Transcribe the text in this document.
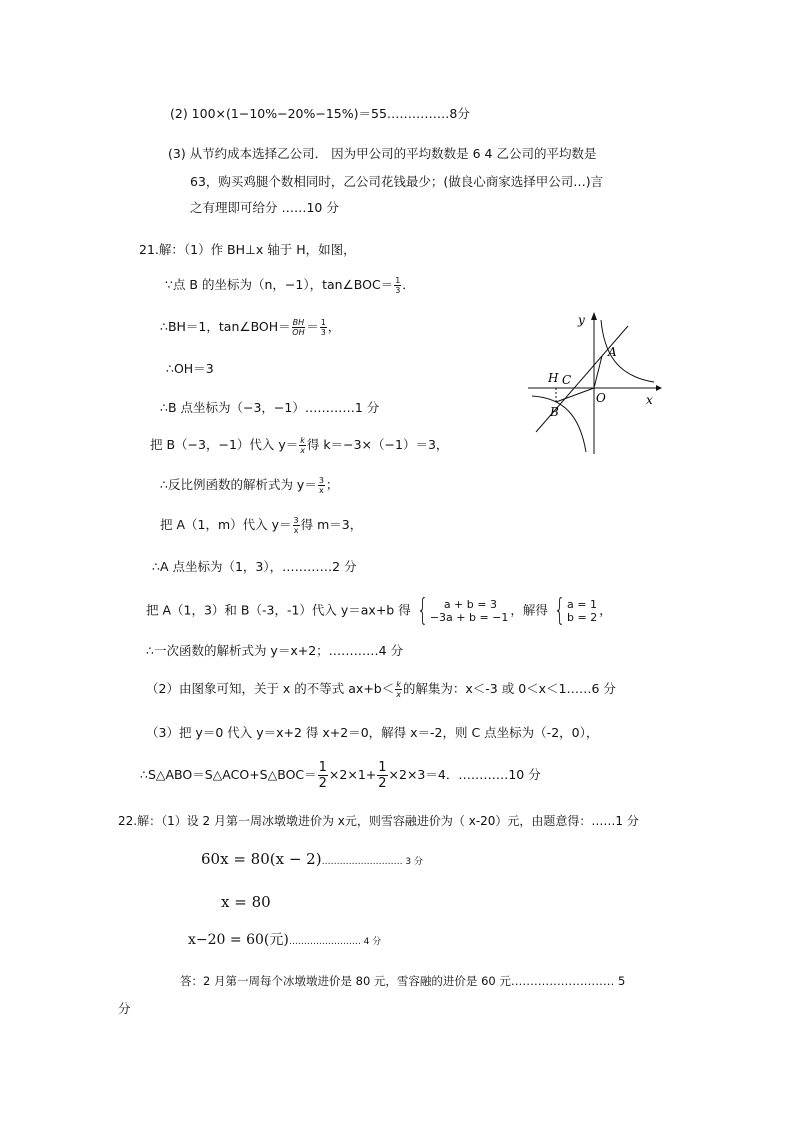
(2) 100×(1−10%−20%−15%)＝55……………8分
(3) 从节约成本选择乙公司． 因为甲公司的平均数数是 6 4 乙公司的平均数是
63，购买鸡腿个数相同时，乙公司花钱最少；(做良心商家选择甲公司…)言
之有理即可给分 ……10 分
21.解：（1）作 BH⊥x 轴于 H，如图，
∵点 B 的坐标为（n，−1），tan∠BOC＝ $\frac{1}{3}$ ．
∴BH＝1，tan∠BOH＝ $\frac{BH}{OH} = \frac{1}{3}$ ，
∴OH＝3
∴B 点坐标为（−3，−1）…………1 分
把 B（−3，−1）代入 $y= \frac{k}{x}$ 得 k＝−3×（−1）＝3，
∴反比例函数的解析式为 $y= \frac{3}{x}$ ；
把 A（1，m）代入 $y= \frac{3}{x}$ 得 m＝3，
∴A 点坐标为（1，3），…………2 分
把 A（1，3）和 B（-3，-1）代入 y＝ax+b 得 {	a + b = 3
−3a + b = −1 ，解得 { a = 1
b = 2 ，
∴一次函数的解析式为 y＝x+2；…………4 分
（2）由图象可知，关于 x 的不等式 $ax+b< \frac{k}{x}$ 的解集为：x＜-3 或 0＜x＜1……6 分
（3）把 y＝0 代入 y＝x+2 得 x+2＝0，解得 x＝-2，则 C 点坐标为（-2，0），
∴S△ABO＝S△ACO+S△BOC＝ $\frac{1}{2} \times 2\times 1+ \frac{1}{2} \times 2\times 3=4$．…………10 分
22.解：（1）设 2 月第一周冰墩墩进价为 x元，则雪容融进价为（ x-20）元，由题意得：……1 分
60x = 80(x − 2)……………………… 3 分
x = 80
x−20 = 60(元)…………………… 4 分
答：2 月第一周每个冰墩墩进价是 80 元，雪容融的进价是 60 元……………………… 5
分
y
x
O
A
B
C
H
